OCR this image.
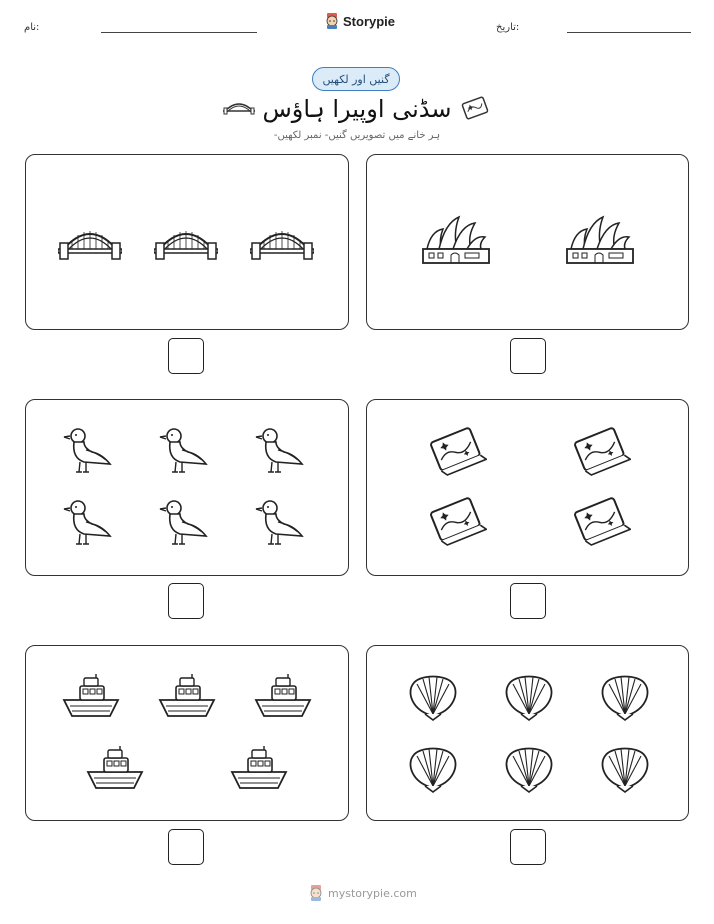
نام:	Storypie	تاریخ:
گنیں اور لکھیں
سڈنی اوپیرا ہاؤس
ہر خانے میں تصویریں گنیں- نمبر لکھیں-
mystorypie.com
